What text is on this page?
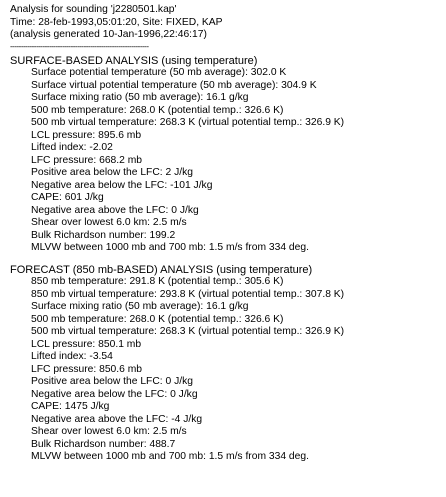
Analysis for sounding 'j2280501.kap'
Time: 28-feb-1993,05:01:20, Site: FIXED, KAP
(analysis generated 10-Jan-1996,22:46:17)
----------------------------------------------------------------
SURFACE-BASED ANALYSIS (using temperature)
Surface potential temperature (50 mb average): 302.0 K
Surface virtual potential temperature (50 mb average): 304.9 K
Surface mixing ratio (50 mb average): 16.1 g/kg
500 mb temperature: 268.0 K (potential temp.: 326.6 K)
500 mb virtual temperature: 268.3 K (virtual potential temp.: 326.9 K)
LCL pressure: 895.6 mb
Lifted index: -2.02
LFC pressure: 668.2 mb
Positive area below the LFC: 2 J/kg
Negative area below the LFC: -101 J/kg
CAPE: 601 J/kg
Negative area above the LFC: 0 J/kg
Shear over lowest 6.0 km: 2.5 m/s
Bulk Richardson number: 199.2
MLVW between 1000 mb and 700 mb: 1.5 m/s from 334 deg.
FORECAST (850 mb-BASED) ANALYSIS (using temperature)
850 mb temperature: 291.8 K (potential temp.: 305.6 K)
850 mb virtual temperature: 293.8 K (virtual potential temp.: 307.8 K)
Surface mixing ratio (50 mb average): 16.1 g/kg
500 mb temperature: 268.0 K (potential temp.: 326.6 K)
500 mb virtual temperature: 268.3 K (virtual potential temp.: 326.9 K)
LCL pressure: 850.1 mb
Lifted index: -3.54
LFC pressure: 850.6 mb
Positive area below the LFC: 0 J/kg
Negative area below the LFC: 0 J/kg
CAPE: 1475 J/kg
Negative area above the LFC: -4 J/kg
Shear over lowest 6.0 km: 2.5 m/s
Bulk Richardson number: 488.7
MLVW between 1000 mb and 700 mb: 1.5 m/s from 334 deg.
